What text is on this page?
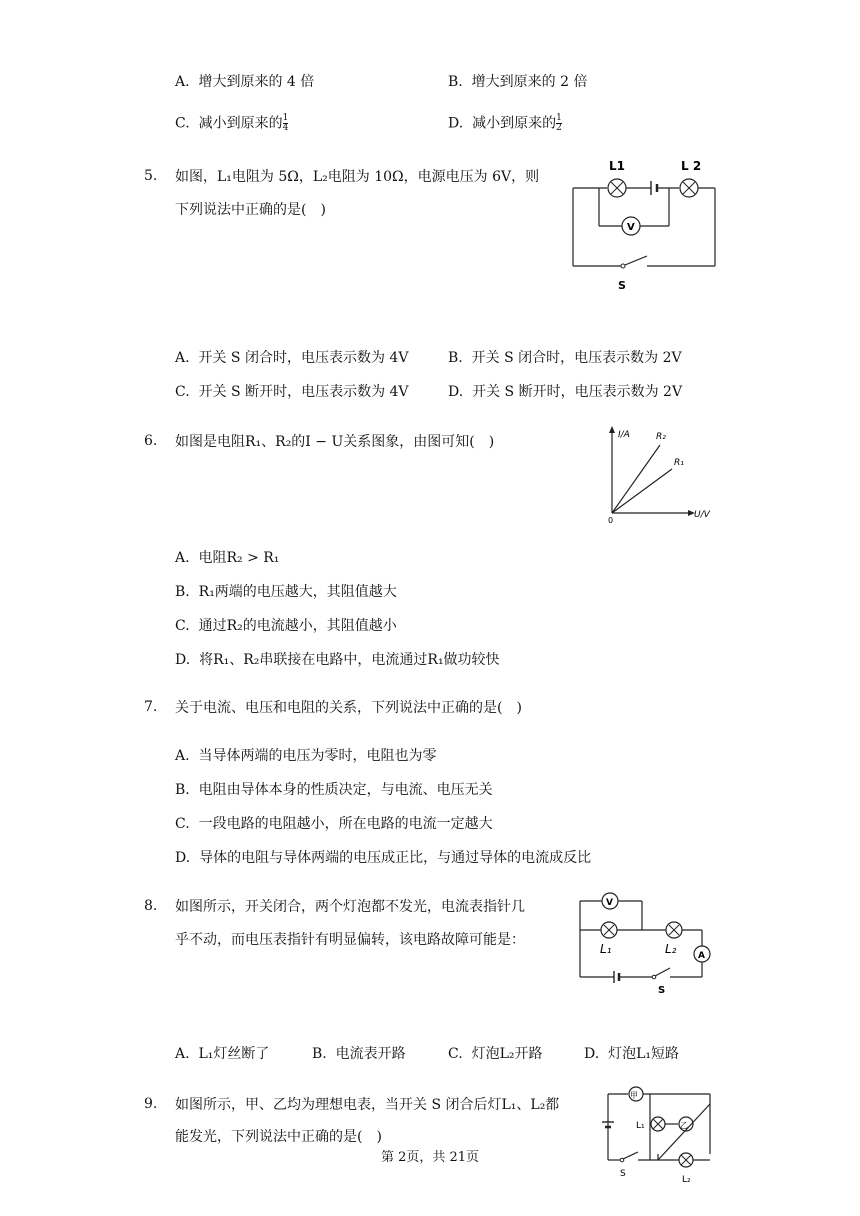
A. 增大到原来的 4 倍	B. 增大到原来的 2 倍
C. 减小到原来的 $\frac{1}{4}$	D. 减小到原来的 $\frac{1}{2}$
5. 如图，L₁电阻为 5Ω，L₂电阻为 10Ω，电源电压为 6V，则
下列说法中正确的是(　)
L1	L 2
V
S
A. 开关 S 闭合时，电压表示数为 4V	B. 开关 S 闭合时，电压表示数为 2V
C. 开关 S 断开时，电压表示数为 4V	D. 开关 S 断开时，电压表示数为 2V
6. 如图是电阻R₁、R₂的I − U关系图象，由图可知(　)	I/A
U/V
0
R₂
R₁
A. 电阻R₂ > R₁
B. R₁两端的电压越大，其阻值越大
C. 通过R₂的电流越小，其阻值越小
D. 将R₁、R₂串联接在电路中，电流通过R₁做功较快
7. 关于电流、电压和电阻的关系，下列说法中正确的是(　)
A. 当导体两端的电压为零时，电阻也为零
B. 电阻由导体本身的性质决定，与电流、电压无关
C. 一段电路的电阻越小，所在电路的电流一定越大
D. 导体的电阻与导体两端的电压成正比，与通过导体的电流成反比
8. 如图所示，开关闭合，两个灯泡都不发光，电流表指针几
乎不动，而电压表指针有明显偏转，该电路故障可能是：
V
A
L₁	L₂
S
A. L₁灯丝断了	B. 电流表开路	C. 灯泡L₂开路	D. 灯泡L₁短路
9. 如图所示，甲、乙均为理想电表，当开关 S 闭合后灯L₁、L₂都
能发光，下列说法中正确的是(　)
甲
L₁	乙
S
L₂
第 2页，共 21页
